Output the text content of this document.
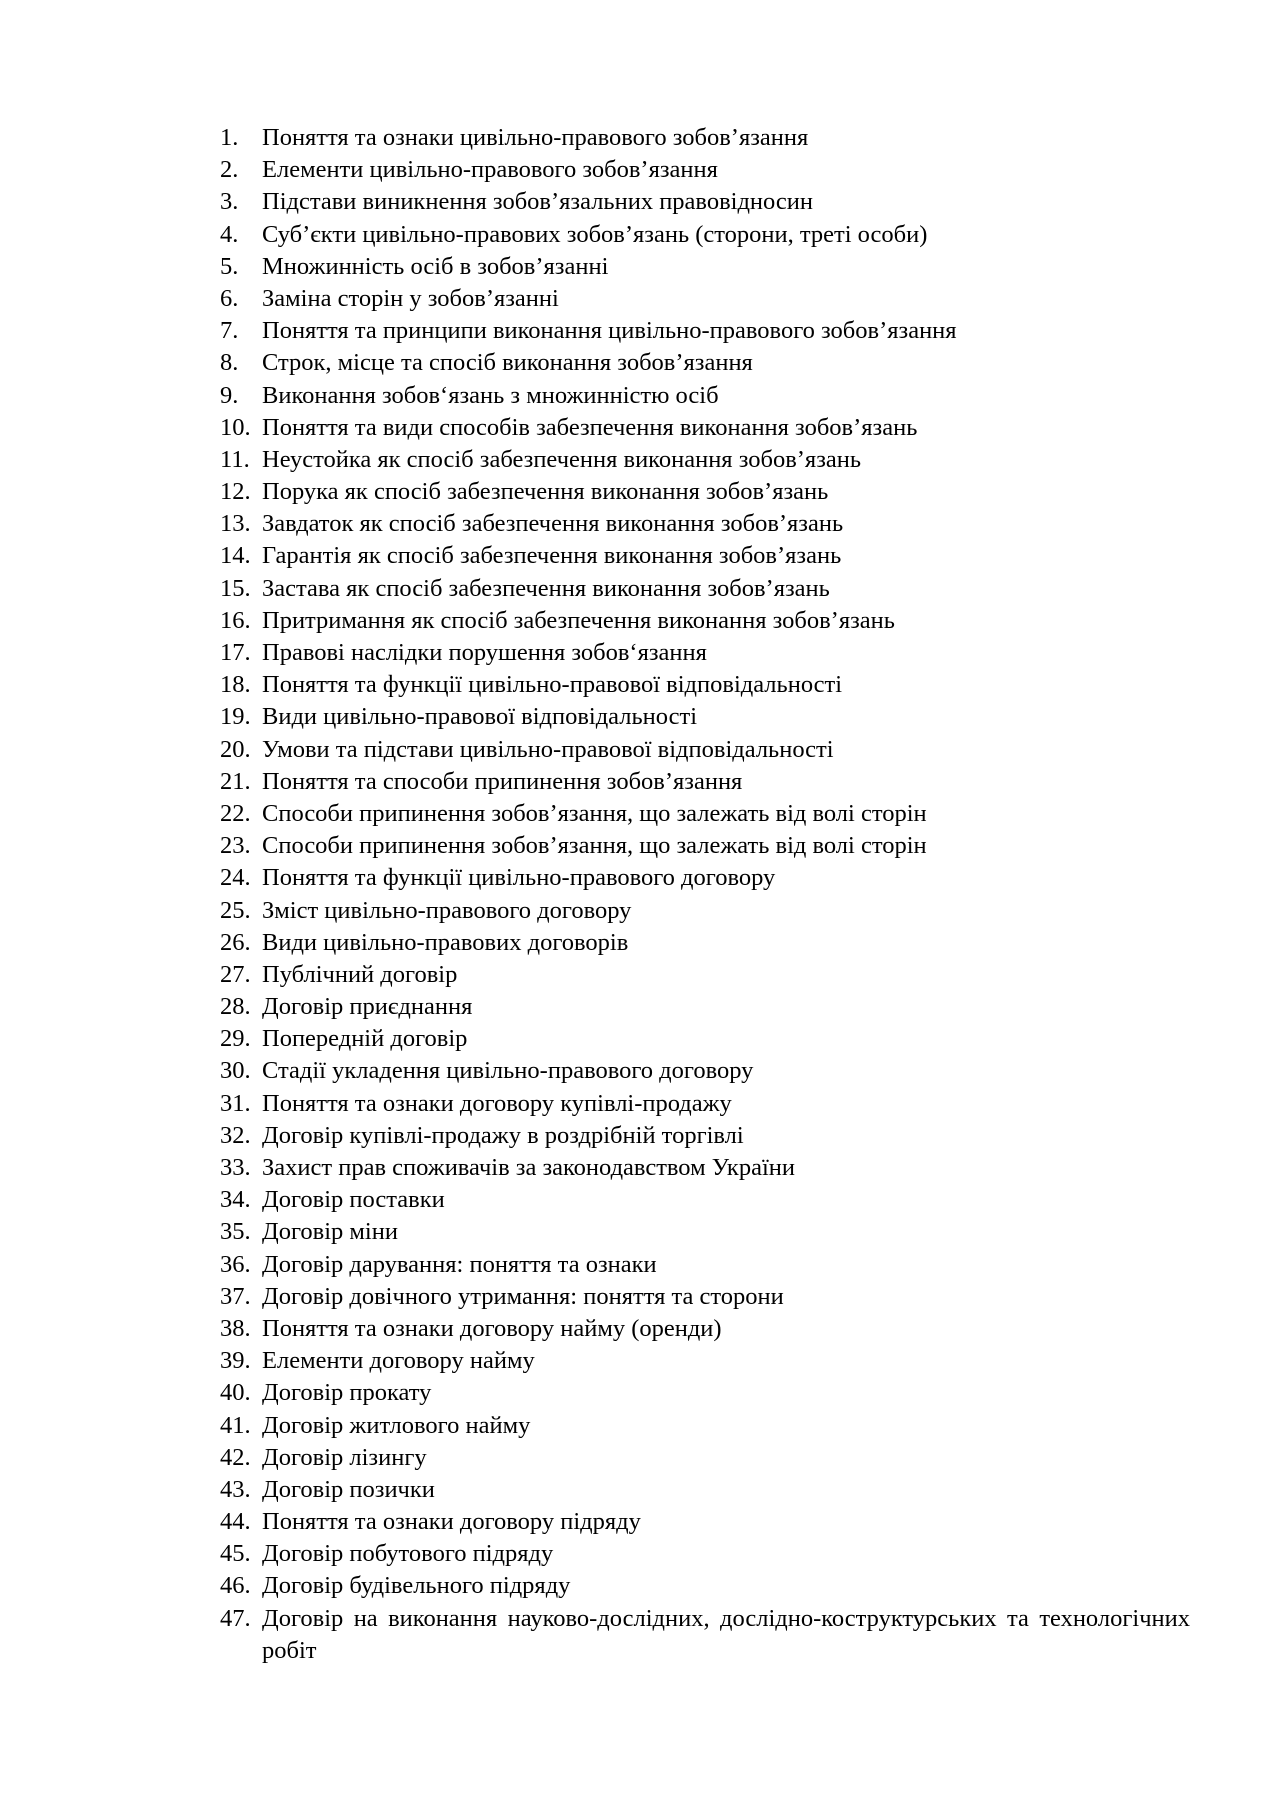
1. Поняття та ознаки цивільно-правового зобов’язання
2. Елементи цивільно-правового зобов’язання
3. Підстави виникнення зобов’язальних правовідносин
4. Суб’єкти цивільно-правових зобов’язань (сторони, треті особи)
5. Множинність осіб в зобов’язанні
6. Заміна сторін у зобов’язанні
7. Поняття та принципи виконання цивільно-правового зобов’язання
8. Строк, місце та спосіб виконання зобов’язання
9. Виконання зобов‘язань з множинністю осіб
10. Поняття та види способів забезпечення виконання зобов’язань
11. Неустойка як спосіб забезпечення виконання зобов’язань
12. Порука як спосіб забезпечення виконання зобов’язань
13. Завдаток як спосіб забезпечення виконання зобов’язань
14. Гарантія як спосіб забезпечення виконання зобов’язань
15. Застава як спосіб забезпечення виконання зобов’язань
16. Притримання як спосіб забезпечення виконання зобов’язань
17. Правові наслідки порушення зобов‘язання
18. Поняття та функції цивільно-правової відповідальності
19. Види цивільно-правової відповідальності
20. Умови та підстави цивільно-правової відповідальності
21. Поняття та способи припинення зобов’язання
22. Способи припинення зобов’язання, що залежать від волі сторін
23. Способи припинення зобов’язання, що залежать від волі сторін
24. Поняття та функції цивільно-правового договору
25. Зміст цивільно-правового договору
26. Види цивільно-правових договорів
27. Публічний договір
28. Договір приєднання
29. Попередній договір
30. Стадії укладення цивільно-правового договору
31. Поняття та ознаки договору купівлі-продажу
32. Договір купівлі-продажу в роздрібній торгівлі
33. Захист прав споживачів за законодавством України
34. Договір поставки
35. Договір міни
36. Договір дарування: поняття та ознаки
37. Договір довічного утримання: поняття та сторони
38. Поняття та ознаки договору найму (оренди)
39. Елементи договору найму
40. Договір прокату
41. Договір житлового найму
42. Договір лізингу
43. Договір позички
44. Поняття та ознаки договору підряду
45. Договір побутового підряду
46. Договір будівельного підряду
47. Договір на виконання науково-дослідних, дослідно-коструктурських та технологічних робіт
